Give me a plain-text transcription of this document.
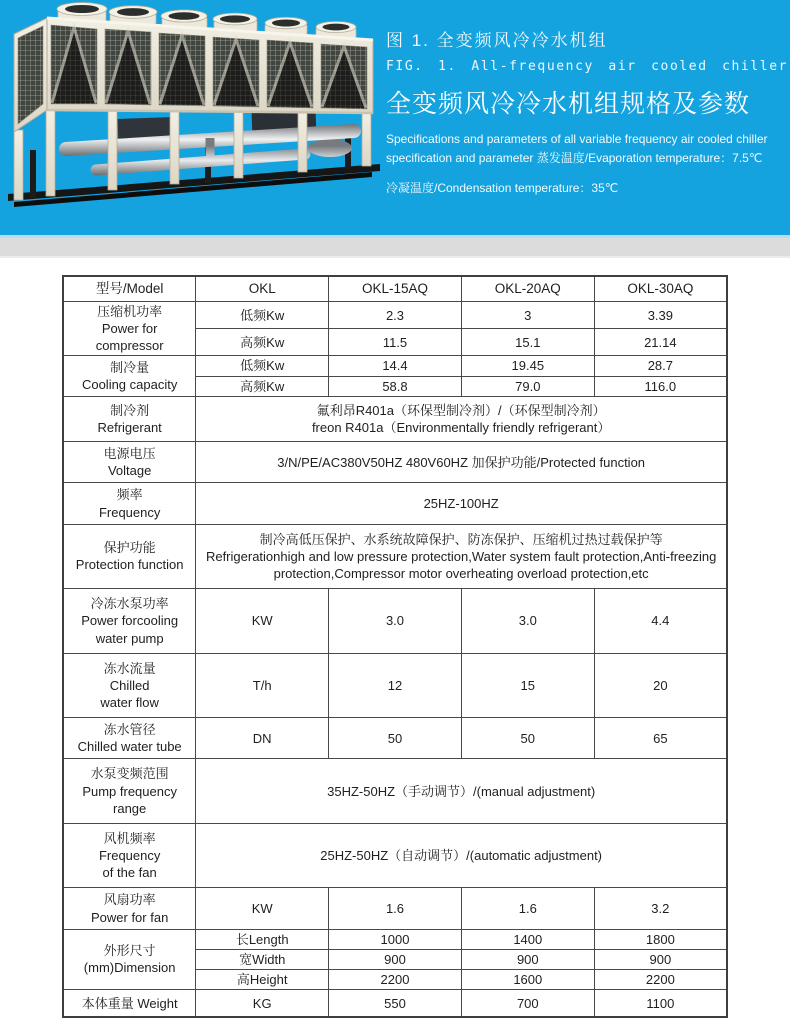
图 1. 全变频风冷冷水机组
FIG. 1. All-frequency air cooled chiller
全变频风冷冷水机组规格及参数
Specifications and parameters of all variable frequency air cooled chiller
specification and parameter 蒸发温度/Evaporation temperature：7.5℃
冷凝温度/Condensation temperature：35℃
型号/Model	OKL	OKL-15AQ	OKL-20AQ	OKL-30AQ

压缩机功率
Power for compressor	低频Kw	2.3	3	3.39
	高频Kw	11.5	15.1	21.14

制冷量
Cooling capacity	低频Kw	14.4	19.45	28.7
	高频Kw	58.8	79.0	116.0

制冷剂
Refrigerant	氟利昂R401a（环保型制冷剂）/（环保型制冷剂）
freon R401a（Environmentally friendly refrigerant）			

电源电压
Voltage	3/N/PE/AC380V50HZ 480V60HZ 加保护功能/Protected function			

频率
Frequency	25HZ-100HZ			

保护功能
Protection function	制冷高低压保护、水系统故障保护、防冻保护、压缩机过热过载保护等
Refrigerationhigh and low pressure protection,Water system fault protection,Anti-freezing protection,Compressor motor overheating overload protection,etc			

冷冻水泵功率
Power forcooling
water pump	KW	3.0	3.0	4.4

冻水流量
Chilled
water flow	T/h	12	15	20

冻水管径
Chilled water tube	DN	50	50	65

水泵变频范围
Pump frequency
range	35HZ-50HZ（手动调节）/(manual adjustment)			

风机频率
Frequency
of the fan	25HZ-50HZ（自动调节）/(automatic adjustment)			

风扇功率
Power for fan	KW	1.6	1.6	3.2

外形尺寸
(mm)Dimension	长Length	1000	1400	1800
	宽Width	900	900	900
	高Height	2200	1600	2200
本体重量 Weight	KG	550	700	1100
